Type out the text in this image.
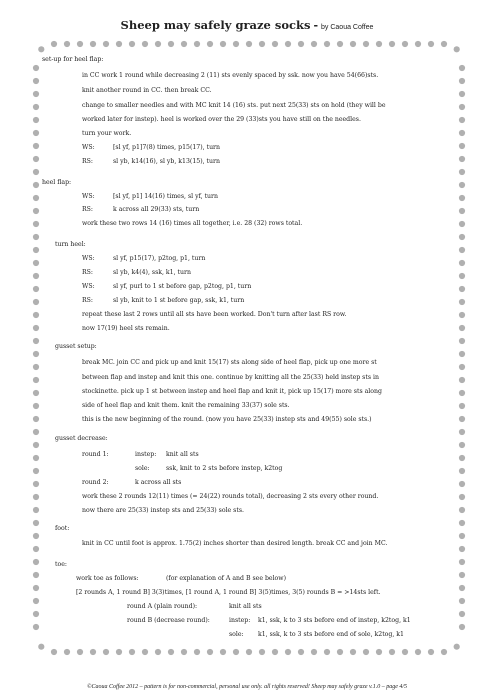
Sheep may safely graze socks - by Caoua Coffee
set-up for heel flap:
in CC work 1 round while decreasing 2 (11) sts evenly spaced by ssk. now you have 54(66)sts.
knit another round in CC. then break CC.
change to smaller needles and with MC knit 14 (16) sts. put next 25(33) sts on hold (they will be
worked later for instep). heel is worked over the 29 (33)sts you have still on the needles.
turn your work.
WS:	[sl yf, p1]7(8) times, p15(17), turn
RS:	sl yb, k14(16), sl yb, k13(15), turn
heel flap:
WS:	[sl yf, p1] 14(16) times, sl yf, turn
RS:	k across all 29(33) sts, turn
work these two rows 14 (16) times all together, i.e. 28 (32) rows total.
turn heel:
WS:	sl yf, p15(17), p2tog, p1, turn
RS:	sl yb, k4(4), ssk, k1, turn
WS:	sl yf, purl to 1 st before gap, p2tog, p1, turn
RS:	sl yb, knit to 1 st before gap, ssk, k1, turn
repeat these last 2 rows until all sts have been worked. Don't turn after last RS row.
now 17(19) heel sts remain.
gusset setup:
break MC. join CC and pick up and knit 15(17) sts along side of heel flap, pick up one more st
between flap and instep and knit this one. continue by knitting all the 25(33) held instep sts in
stockinette. pick up 1 st between instep and heel flap and knit it, pick up 15(17) more sts along
side of heel flap and knit them. knit the remaining 33(37) sole sts.
this is the new beginning of the round. (now you have 25(33) instep sts and 49(55) sole sts.)
gusset decrease:
round 1:	instep: knit all sts
sole:	ssk, knit to 2 sts before instep, k2tog
round 2:	k across all sts
work these 2 rounds 12(11) times (= 24(22) rounds total), decreasing 2 sts every other round.
now there are 25(33) instep sts and 25(33) sole sts.
foot:
knit in CC until foot is approx. 1.75(2) inches shorter than desired length. break CC and join MC.
toe:
work toe as follows:	(for explanation of A and B see below)
[2 rounds A, 1 round B] 3(3)times, [1 round A, 1 round B] 3(5)times, 3(5) rounds B = >14sts left.
round A (plain round):	knit all sts
round B (decrease round):	instep: k1, ssk, k to 3 sts before end of instep, k2tog, k1
sole: k1, ssk, k to 3 sts before end of sole, k2tog, k1
©Caoua Coffee 2012 – pattern is for non-commercial, personal use only. all rights reserved! Sheep may safely graze v.1.0 – page 4/5
